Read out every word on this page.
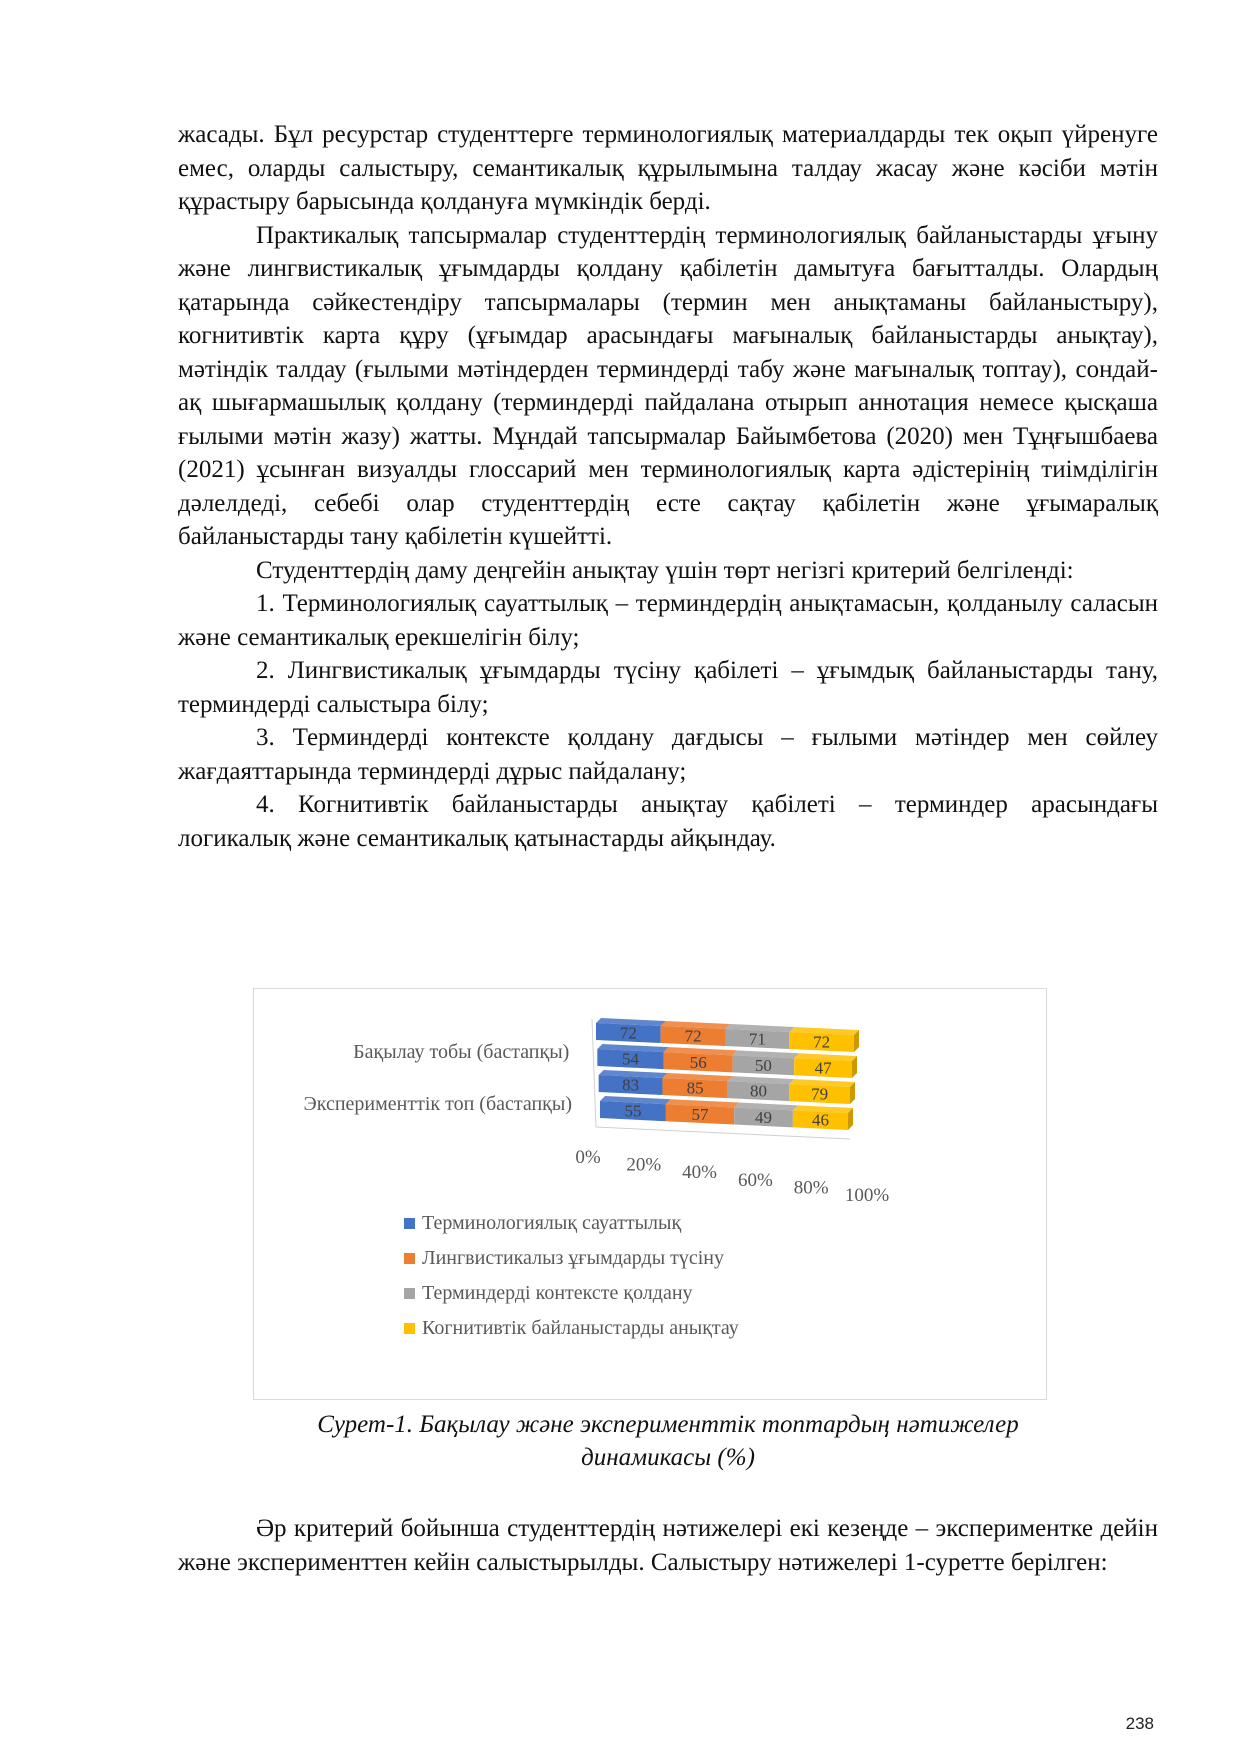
жасады. Бұл ресурстар студенттерге терминологиялық материалдарды тек оқып үйренуге емес, оларды салыстыру, семантикалық құрылымына талдау жасау және кәсіби мәтін құрастыру барысында қолдануға мүмкіндік берді.

Практикалық тапсырмалар студенттердің терминологиялық байланыстарды ұғыну және лингвистикалық ұғымдарды қолдану қабілетін дамытуға бағытталды. Олардың қатарында сәйкестендіру тапсырмалары (термин мен анықтаманы байланыстыру), когнитивтік карта құру (ұғымдар арасындағы мағыналық байланыстарды анықтау), мәтіндік талдау (ғылыми мәтіндерден терминдерді табу және мағыналық топтау), сондай-ақ шығармашылық қолдану (терминдерді пайдалана отырып аннотация немесе қысқаша ғылыми мәтін жазу) жатты. Мұндай тапсырмалар Байымбетова (2020) мен Тұңғышбаева (2021) ұсынған визуалды глоссарий мен терминологиялық карта әдістерінің тиімділігін дәлелдеді, себебі олар студенттердің есте сақтау қабілетін және ұғымаралық байланыстарды тану қабілетін күшейтті.

Студенттердің даму деңгейін анықтау үшін төрт негізгі критерий белгіленді:

1. Терминологиялық сауаттылық – терминдердің анықтамасын, қолданылу саласын және семантикалық ерекшелігін білу;

2. Лингвистикалық ұғымдарды түсіну қабілеті – ұғымдық байланыстарды тану, терминдерді салыстыра білу;

3. Терминдерді контексте қолдану дағдысы – ғылыми мәтіндер мен сөйлеу жағдаяттарында терминдерді дұрыс пайдалану;

4. Когнитивтік байланыстарды анықтау қабілеті – терминдер арасындағы логикалық және семантикалық қатынастарды айқындау.

72	72	71	72
54	56	50	47
83	85	80	79
55	57	49 46
Бақылау тобы (бастапқы)
Эксперименттік топ (бастапқы)
0% 20% 40% 60% 80% 100%
Терминологиялық сауаттылық
Лингвистикалыз ұғымдарды түсіну
Терминдерді контексте қолдану
Когнитивтік байланыстарды анықтау
Сурет-1. Бақылау және эксперименттік топтардың нәтижелер
динамикасы (%)

Әр критерий бойынша студенттердің нәтижелері екі кезеңде – экспериментке дейін және эксперименттен кейін салыстырылды. Салыстыру нәтижелері 1-суретте берілген:

238
